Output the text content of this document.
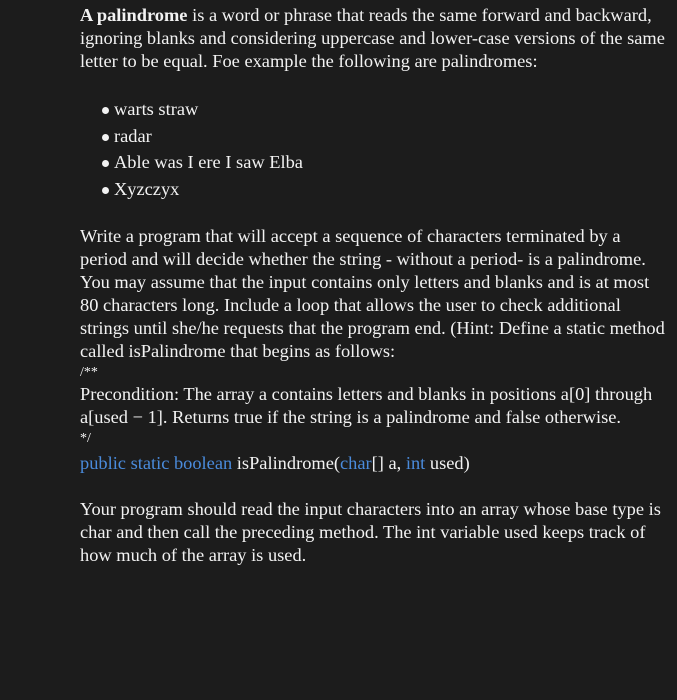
A palindrome is a word or phrase that reads the same forward and backward, ignoring blanks and considering uppercase and lower-case versions of the same letter to be equal. Foe example the following are palindromes:

warts straw
radar
Able was I ere I saw Elba
Xyzczyx

Write a program that will accept a sequence of characters terminated by a period and will decide whether the string - without a period- is a palindrome. You may assume that the input contains only letters and blanks and is at most 80 characters long. Include a loop that allows the user to check additional strings until she/he requests that the program end. (Hint: Define a static method called isPalindrome that begins as follows:

/**

Precondition: The array a contains letters and blanks in positions a[0] through a[used − 1]. Returns true if the string is a palindrome and false otherwise.

*/

public static boolean isPalindrome(char[] a, int used)

Your program should read the input characters into an array whose base type is char and then call the preceding method. The int variable used keeps track of how much of the array is used.
